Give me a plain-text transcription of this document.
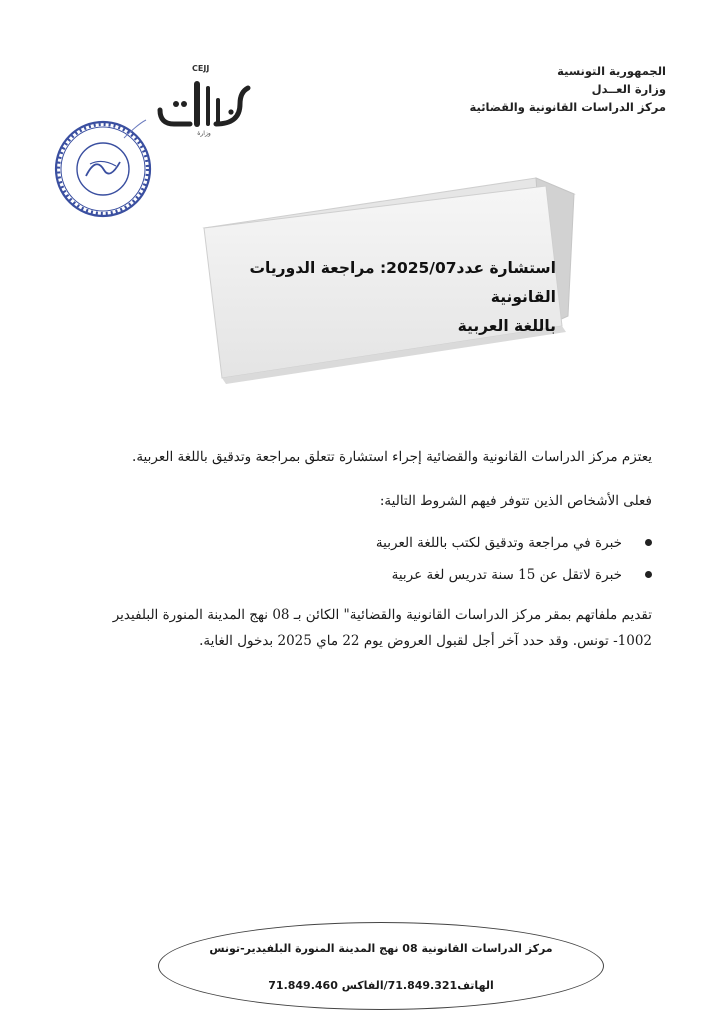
الجمهورية التونسية
وزارة العــدل
مركز الدراسات القانونية والقضائية
CEJJ
وزارة
استشارة عدد2025/07: مراجعة الدوريات القانونية
باللغة العربية

يعتزم مركز الدراسات القانونية والقضائية إجراء استشارة تتعلق بمراجعة وتدقيق باللغة العربية.

فعلى الأشخاص الذين تتوفر فيهم الشروط التالية:

خبرة في مراجعة وتدقيق لكتب باللغة العربية
خبرة لاتقل عن 15 سنة تدريس لغة عربية

تقديم ملفاتهم بمقر مركز الدراسات القانونية والقضائية" الكائن بـ 08 نهج المدينة المنورة البلفيدير 1002- تونس. وقد حدد آخر أجل لقبول العروض يوم 22 ماي 2025 بدخول الغاية.

مركز الدراسات القانونية 08 نهج المدينة المنورة البلفيدير-تونس
الهاتف71.849.321/الفاكس 71.849.460
